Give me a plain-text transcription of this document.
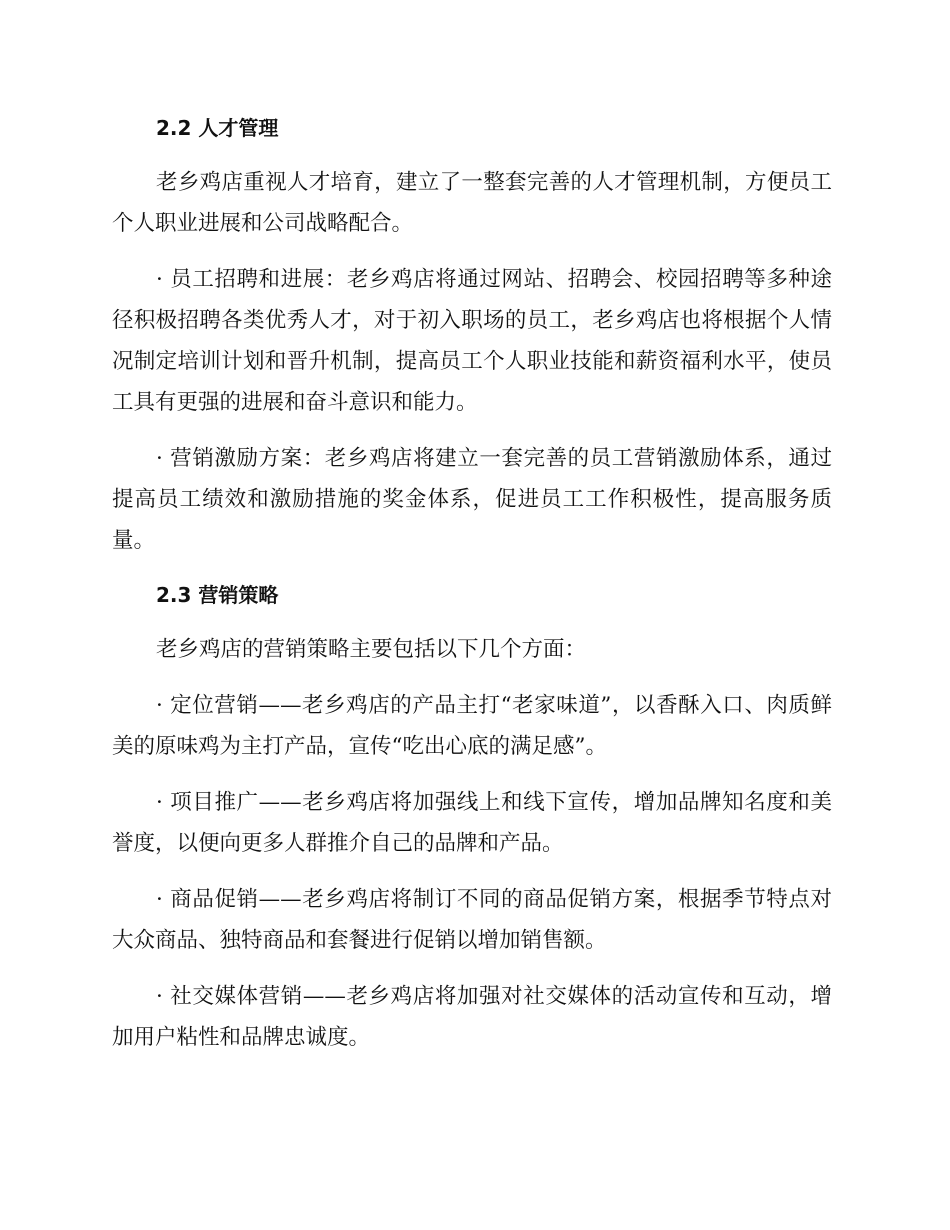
2.2 人才管理

老乡鸡店重视人才培育，建立了一整套完善的人才管理机制，方便员工个人职业进展和公司战略配合。

· 员工招聘和进展：老乡鸡店将通过网站、招聘会、校园招聘等多种途径积极招聘各类优秀人才，对于初入职场的员工，老乡鸡店也将根据个人情况制定培训计划和晋升机制，提高员工个人职业技能和薪资福利水平，使员工具有更强的进展和奋斗意识和能力。

· 营销激励方案：老乡鸡店将建立一套完善的员工营销激励体系，通过提高员工绩效和激励措施的奖金体系，促进员工工作积极性，提高服务质量。

2.3 营销策略

老乡鸡店的营销策略主要包括以下几个方面：

· 定位营销——老乡鸡店的产品主打“老家味道”，以香酥入口、肉质鲜美的原味鸡为主打产品，宣传“吃出心底的满足感”。

· 项目推广——老乡鸡店将加强线上和线下宣传，增加品牌知名度和美誉度，以便向更多人群推介自己的品牌和产品。

· 商品促销——老乡鸡店将制订不同的商品促销方案，根据季节特点对大众商品、独特商品和套餐进行促销以增加销售额。

· 社交媒体营销——老乡鸡店将加强对社交媒体的活动宣传和互动，增加用户粘性和品牌忠诚度。
